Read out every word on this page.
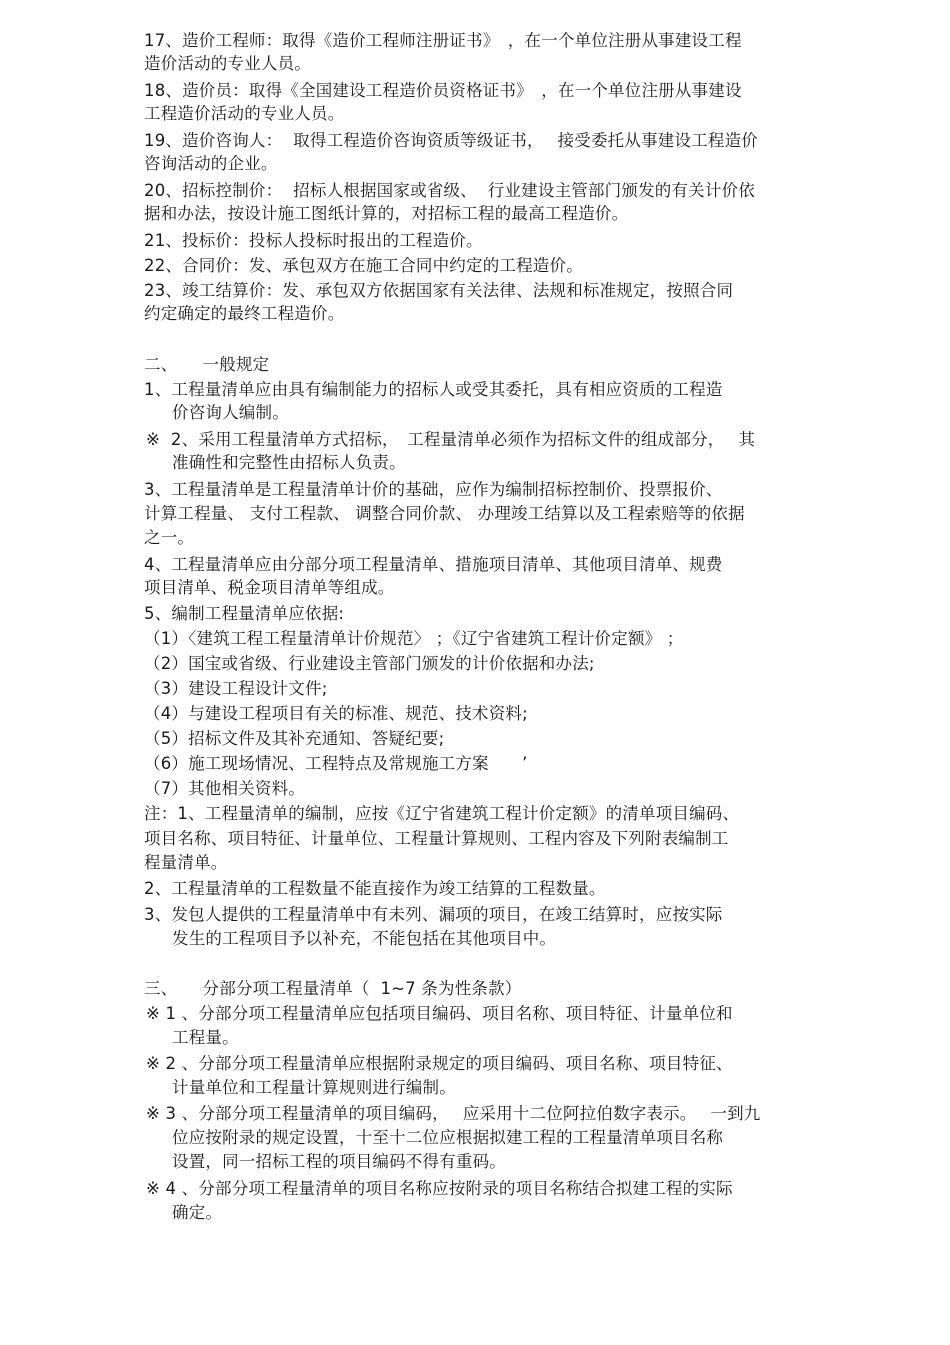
17、造价工程师：取得《造价工程师注册证书》　，在一个单位注册从事建设工程
造价活动的专业人员。
18、造价员：取得《全国建设工程造价员资格证书》　，在一个单位注册从事建设
工程造价活动的专业人员。
19、造价咨询人：  取得工程造价咨询资质等级证书，　 接受委托从事建设工程造价
咨询活动的企业。
20、招标控制价：  招标人根据国家或省级、  行业建设主管部门颁发的有关计价依
据和办法，按设计施工图纸计算的，对招标工程的最高工程造价。
21、投标价：投标人投标时报出的工程造价。
22、合同价：发、承包双方在施工合同中约定的工程造价。
23、竣工结算价：发、承包双方依据国家有关法律、法规和标准规定，按照合同
约定确定的最终工程造价。
二、　　一般规定
1、工程量清单应由具有编制能力的招标人或受其委托，具有相应资质的工程造
价咨询人编制。
※  2、采用工程量清单方式招标，　工程量清单必须作为招标文件的组成部分，　 其
准确性和完整性由招标人负责。
3、工程量清单是工程量清单计价的基础，应作为编制招标控制价、投票报价、
计算工程量、 支付工程款、 调整合同价款、 办理竣工结算以及工程索赔等的依据
之一。
4、工程量清单应由分部分项工程量清单、措施项目清单、其他项目清单、规费
项目清单、税金项目清单等组成。
5、编制工程量清单应依据:
（1）〈建筑工程工程量清单计价规范〉 ；《辽宁省建筑工程计价定额》 ；
（2）国宝或省级、行业建设主管部门颁发的计价依据和办法;
（3）建设工程设计文件;
（4）与建设工程项目有关的标准、规范、技术资料;
（5）招标文件及其补充通知、答疑纪要;
（6）施工现场情况、工程特点及常规施工方案　　’
（7）其他相关资料。
注：1、工程量清单的编制，应按《辽宁省建筑工程计价定额》的清单项目编码、
项目名称、项目特征、计量单位、工程量计算规则、工程内容及下列附表编制工
程量清单。
2、工程量清单的工程数量不能直接作为竣工结算的工程数量。
3、发包人提供的工程量清单中有未列、漏项的项目，在竣工结算时，应按实际
发生的工程项目予以补充，不能包括在其他项目中。
三、　　分部分项工程量清单（  1~7 条为性条款）
※ 1 、分部分项工程量清单应包括项目编码、项目名称、项目特征、计量单位和
工程量。
※ 2 、分部分项工程量清单应根据附录规定的项目编码、项目名称、项目特征、
计量单位和工程量计算规则进行编制。
※ 3 、分部分项工程量清单的项目编码，　 应采用十二位阿拉伯数字表示。　 一到九
位应按附录的规定设置，十至十二位应根据拟建工程的工程量清单项目名称
设置，同一招标工程的项目编码不得有重码。
※ 4 、分部分项工程量清单的项目名称应按附录的项目名称结合拟建工程的实际
确定。
